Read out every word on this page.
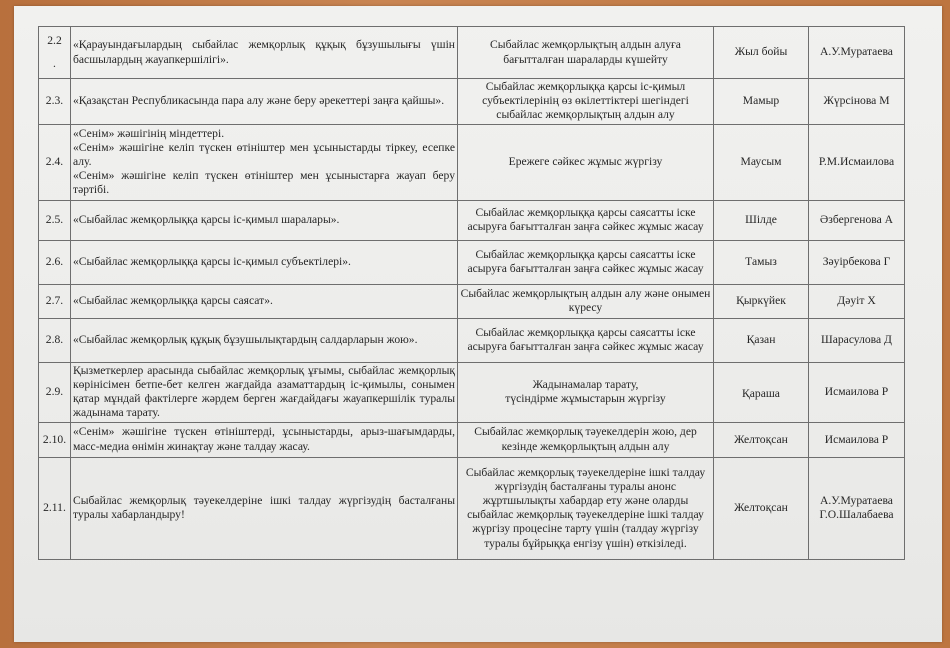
2.2
.	«Қарауындағылардың сыбайлас жемқорлық құқық бұзушылығы үшін басшылардың жауапкершілігі».	Сыбайлас жемқорлықтың алдын алуға бағытталған шараларды күшейту	Жыл бойы	А.У.Муратаева
2.3.	«Қазақстан Республикасында пара алу және беру әрекеттері заңға қайшы».	Сыбайлас жемқорлыққа қарсы іс-қимыл субъектілерінің өз өкілеттіктері шегіндегі сыбайлас жемқорлықтың алдын алу	Мамыр	Жүрсінова М
2.4.	«Сенім» жәшігінің міндеттері.
«Сенім» жәшігіне келіп түскен өтініштер мен ұсыныстарды тіркеу, есепке алу.
«Сенім» жәшігіне келіп түскен өтініштер мен ұсыныстарға жауап беру тәртібі.	Ережеге сәйкес жұмыс жүргізу	Маусым	Р.М.Исмаилова
2.5.	«Сыбайлас жемқорлыққа қарсы іс-қимыл шаралары».	Сыбайлас жемқорлыққа қарсы саясатты іске асыруға бағытталған заңға сәйкес жұмыс жасау	Шілде	Әзбергенова А
2.6.	«Сыбайлас жемқорлыққа қарсы іс-қимыл субъектілері».	Сыбайлас жемқорлыққа қарсы саясатты іске асыруға бағытталған заңға сәйкес жұмыс жасау	Тамыз	Зәуірбекова Г
2.7.	«Сыбайлас жемқорлыққа қарсы саясат».	Сыбайлас жемқорлықтың алдын алу және онымен күресу	Қыркүйек	Дәуіт Х
2.8.	«Сыбайлас жемқорлық құқық бұзушылықтардың салдарларын жою».	Сыбайлас жемқорлыққа қарсы саясатты іске асыруға бағытталған заңға сәйкес жұмыс жасау	Қазан	Шарасулова Д
2.9.	Қызметкерлер арасында сыбайлас жемқорлық ұғымы, сыбайлас жемқорлық көрінісімен бетпе-бет келген жағдайда азаматтардың іс-қимылы, сонымен қатар мұндай фактілерге жәрдем берген жағдайдағы жауапкершілік туралы жадынама тарату.	Жадынамалар тарату,
түсіндірме жұмыстарын жүргізу	Қараша	Исмаилова Р
2.10.	«Сенім» жәшігіне түскен өтініштерді, ұсыныстарды, арыз-шағымдарды, масс-медиа өнімін жинақтау және талдау жасау.	Сыбайлас жемқорлық тәуекелдерін жою, дер кезінде жемқорлықтың алдын алу	Желтоқсан	Исмаилова Р
2.11.	Сыбайлас жемқорлық тәуекелдеріне ішкі талдау жүргізудің басталғаны туралы хабарландыру!	Сыбайлас жемқорлық тәуекелдеріне ішкі талдау жүргізудің басталғаны туралы анонс жұртшылықты хабардар ету және оларды сыбайлас жемқорлық тәуекелдеріне ішкі талдау жүргізу процесіне тарту үшін (талдау жүргізу туралы бұйрыққа енгізу үшін) өткізіледі.	Желтоқсан	А.У.Муратаева
Г.О.Шалабаева
